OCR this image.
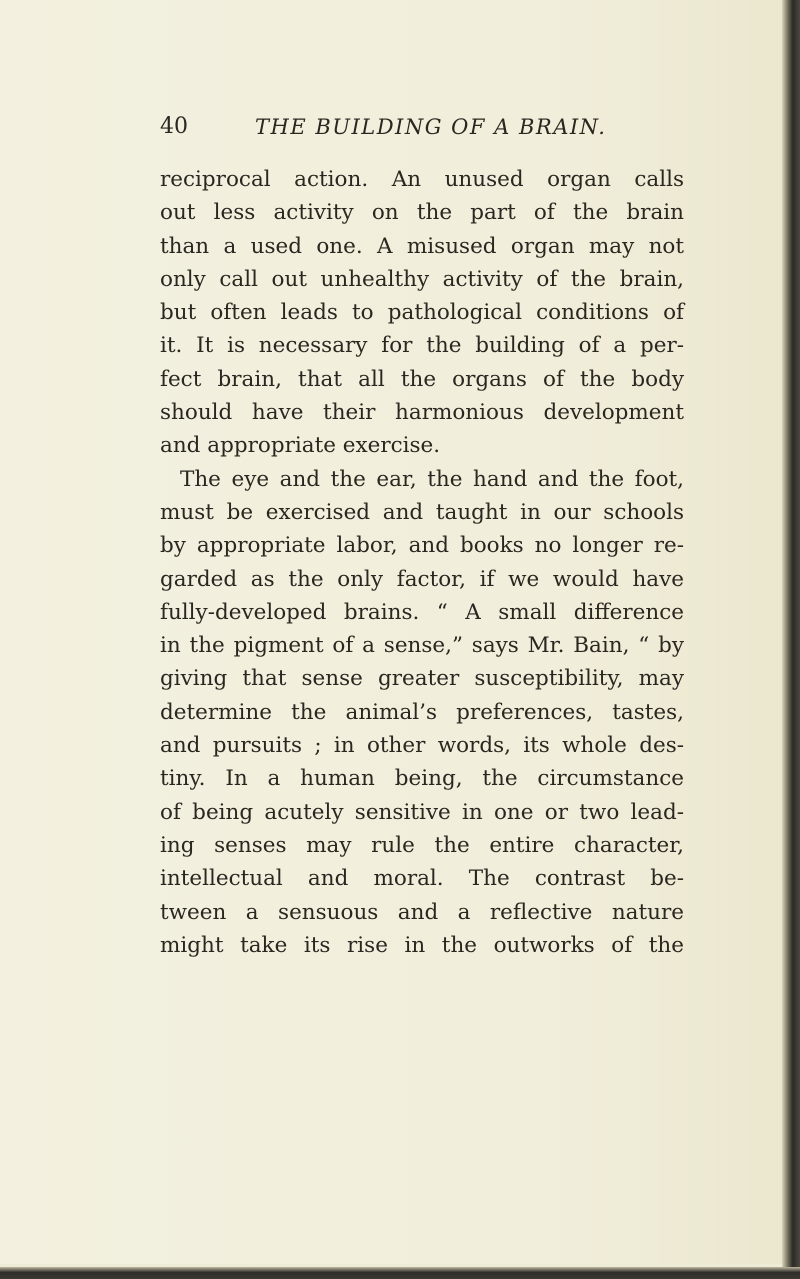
40	THE BUILDING OF A BRAIN.
reciprocal action. An unused organ calls
out less activity on the part of the brain
than a used one. A misused organ may not
only call out unhealthy activity of the brain,
but often leads to pathological conditions of
it. It is necessary for the building of a per-
fect brain, that all the organs of the body
should have their harmonious development
and appropriate exercise.
The eye and the ear, the hand and the foot,
must be exercised and taught in our schools
by appropriate labor, and books no longer re-
garded as the only factor, if we would have
fully-developed brains. “ A small difference
in the pigment of a sense,” says Mr. Bain, “ by
giving that sense greater susceptibility, may
determine the animal’s preferences, tastes,
and pursuits ; in other words, its whole des-
tiny. In a human being, the circumstance
of being acutely sensitive in one or two lead-
ing senses may rule the entire character,
intellectual and moral. The contrast be-
tween a sensuous and a reflective nature
might take its rise in the outworks of the
